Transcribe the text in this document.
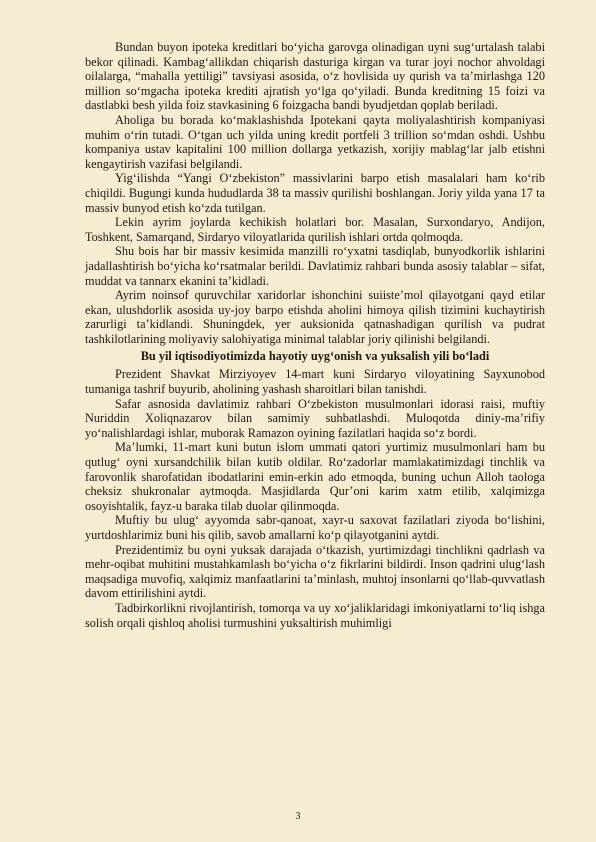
Bundan buyon ipoteka kreditlari bo‘yicha garovga olinadigan uyni sug‘urtalash talabi bekor qilinadi. Kambag‘allikdan chiqarish dasturiga kirgan va turar joyi nochor ahvoldagi oilalarga, “mahalla yettiligi” tavsiyasi asosida, o‘z hovlisida uy qurish va ta’mirlashga 120 million so‘mgacha ipoteka krediti ajratish yo‘lga qo‘yiladi. Bunda kreditning 15 foizi va dastlabki besh yilda foiz stavkasining 6 foizgacha bandi byudjetdan qoplab beriladi.

Aholiga bu borada ko‘maklashishda Ipotekani qayta moliyalashtirish kompaniyasi muhim o‘rin tutadi. O‘tgan uch yilda uning kredit portfeli 3 trillion so‘mdan oshdi. Ushbu kompaniya ustav kapitalini 100 million dollarga yetkazish, xorijiy mablag‘lar jalb etishni kengaytirish vazifasi belgilandi.

Yig‘ilishda “Yangi O‘zbekiston” massivlarini barpo etish masalalari ham ko‘rib chiqildi. Bugungi kunda hududlarda 38 ta massiv qurilishi boshlangan. Joriy yilda yana 17 ta massiv bunyod etish ko‘zda tutilgan.

Lekin ayrim joylarda kechikish holatlari bor. Masalan, Surxondaryo, Andijon, Toshkent, Samarqand, Sirdaryo viloyatlarida qurilish ishlari ortda qolmoqda.

Shu bois har bir massiv kesimida manzilli ro‘yxatni tasdiqlab, bunyodkorlik ishlarini jadallashtirish bo‘yicha ko‘rsatmalar berildi. Davlatimiz rahbari bunda asosiy talablar – sifat, muddat va tannarx ekanini ta’kidladi.

Ayrim noinsof quruvchilar xaridorlar ishonchini suiiste’mol qilayotgani qayd etilar ekan, ulushdorlik asosida uy-joy barpo etishda aholini himoya qilish tizimini kuchaytirish zarurligi ta’kidlandi. Shuningdek, yer auksionida qatnashadigan qurilish va pudrat tashkilotlarining moliyaviy salohiyatiga minimal talablar joriy qilinishi belgilandi.

Bu yil iqtisodiyotimizda hayotiy uyg‘onish va yuksalish yili bo‘ladi

Prezident Shavkat Mirziyoyev 14-mart kuni Sirdaryo viloyatining Sayxunobod tumaniga tashrif buyurib, aholining yashash sharoitlari bilan tanishdi.

Safar asnosida davlatimiz rahbari O‘zbekiston musulmonlari idorasi raisi, muftiy Nuriddin Xoliqnazarov bilan samimiy suhbatlashdi. Muloqotda diniy-ma’rifiy yo‘nalishlardagi ishlar, muborak Ramazon oyining fazilatlari haqida so‘z bordi.

Ma’lumki, 11-mart kuni butun islom ummati qatori yurtimiz musulmonlari ham bu qutlug‘ oyni xursandchilik bilan kutib oldilar. Ro‘zadorlar mamlakatimizdagi tinchlik va farovonlik sharofatidan ibodatlarini emin-erkin ado etmoqda, buning uchun Alloh taologa cheksiz shukronalar aytmoqda. Masjidlarda Qur’oni karim xatm etilib, xalqimizga osoyishtalik, fayz-u baraka tilab duolar qilinmoqda.

Muftiy bu ulug‘ ayyomda sabr-qanoat, xayr-u saxovat fazilatlari ziyoda bo‘lishini, yurtdoshlarimiz buni his qilib, savob amallarni ko‘p qilayotganini aytdi.

Prezidentimiz bu oyni yuksak darajada o‘tkazish, yurtimizdagi tinchlikni qadrlash va mehr-oqibat muhitini mustahkamlash bo‘yicha o‘z fikrlarini bildirdi. Inson qadrini ulug‘lash maqsadiga muvofiq, xalqimiz manfaatlarini ta’minlash, muhtoj insonlarni qo‘llab-quvvatlash davom ettirilishini aytdi.

Tadbirkorlikni rivojlantirish, tomorqa va uy xo‘jaliklaridagi imkoniyatlarni to‘liq ishga solish orqali qishloq aholisi turmushini yuksaltirish muhimligi

3
